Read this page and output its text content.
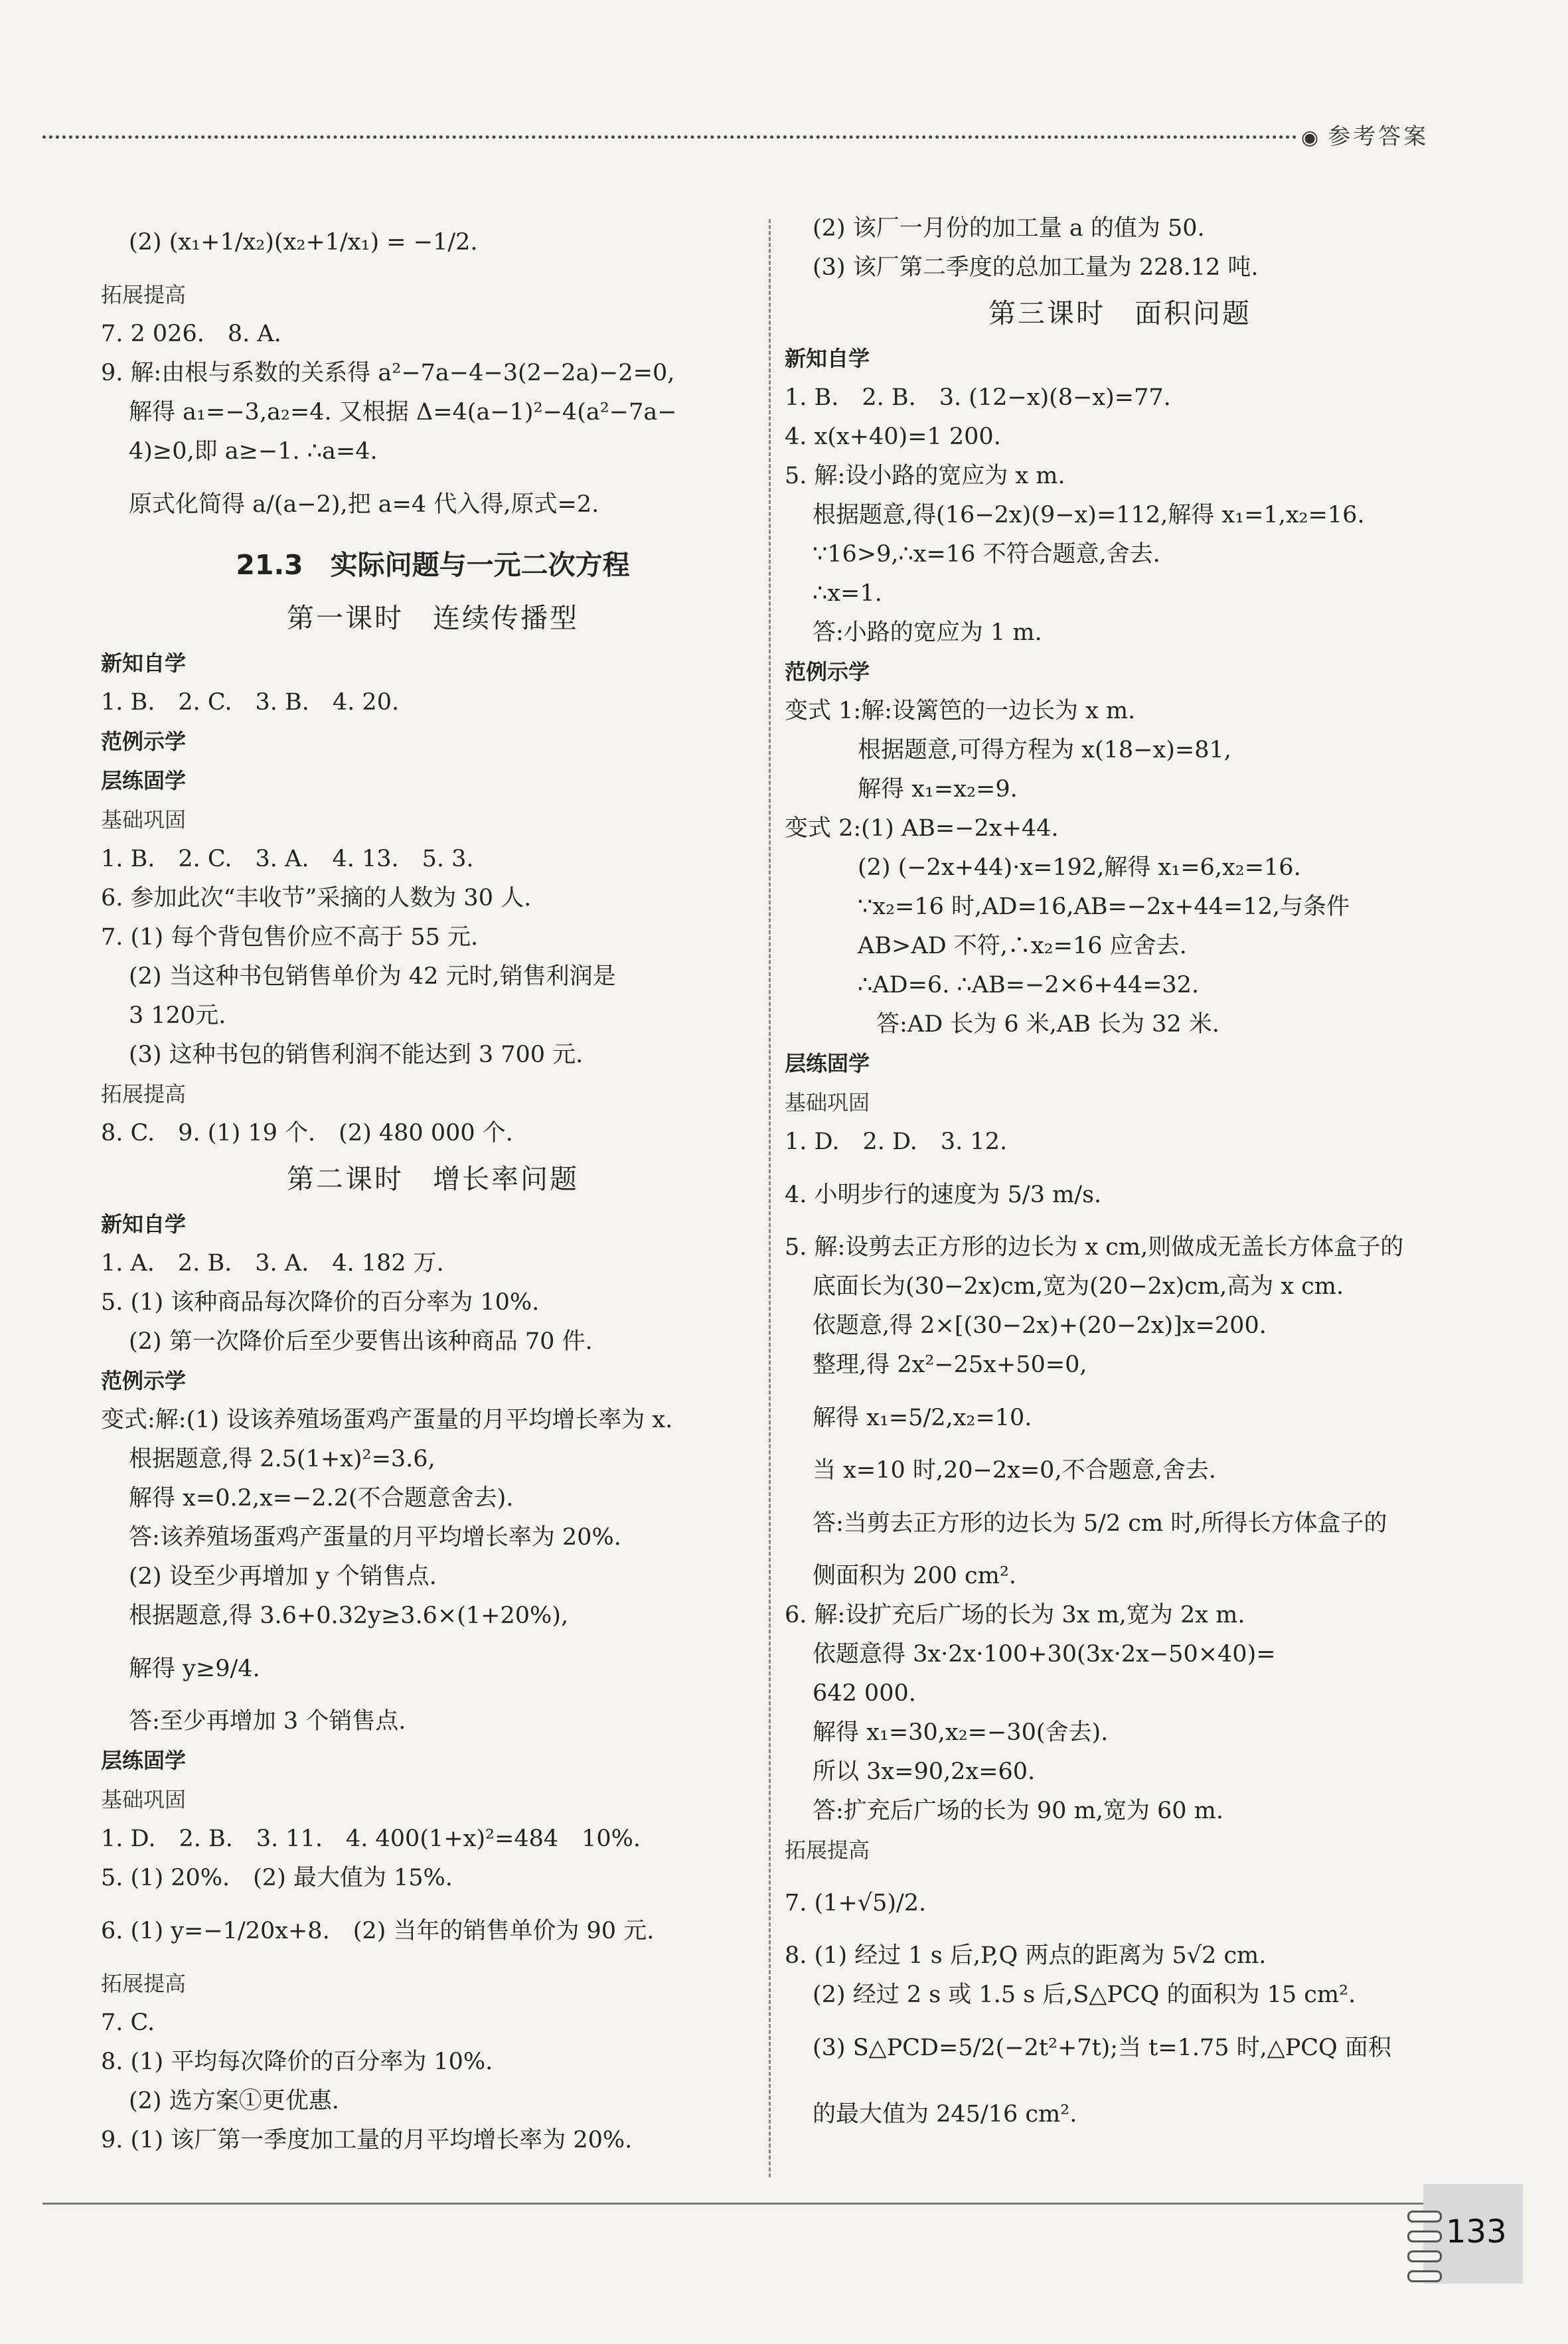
◉ 参考答案
(2) (x₁+1/x₂)(x₂+1/x₁) = −1/2.
拓展提高
7. 2 026.　8. A.
9. 解:由根与系数的关系得 a²−7a−4−3(2−2a)−2=0,
解得 a₁=−3,a₂=4. 又根据 Δ=4(a−1)²−4(a²−7a−
4)≥0,即 a≥−1. ∴a=4.
原式化简得 a/(a−2),把 a=4 代入得,原式=2.
21.3　实际问题与一元二次方程
第一课时　连续传播型
新知自学
1. B.　2. C.　3. B.　4. 20.
范例示学
层练固学
基础巩固
1. B.　2. C.　3. A.　4. 13.　5. 3.
6. 参加此次“丰收节”采摘的人数为 30 人.
7. (1) 每个背包售价应不高于 55 元.
(2) 当这种书包销售单价为 42 元时,销售利润是
3 120元.
(3) 这种书包的销售利润不能达到 3 700 元.
拓展提高
8. C.　9. (1) 19 个.　(2) 480 000 个.
第二课时　增长率问题
新知自学
1. A.　2. B.　3. A.　4. 182 万.
5. (1) 该种商品每次降价的百分率为 10%.
(2) 第一次降价后至少要售出该种商品 70 件.
范例示学
变式:解:(1) 设该养殖场蛋鸡产蛋量的月平均增长率为 x.
根据题意,得 2.5(1+x)²=3.6,
解得 x=0.2,x=−2.2(不合题意舍去).
答:该养殖场蛋鸡产蛋量的月平均增长率为 20%.
(2) 设至少再增加 y 个销售点.
根据题意,得 3.6+0.32y≥3.6×(1+20%),
解得 y≥9/4.
答:至少再增加 3 个销售点.
层练固学
基础巩固
1. D.　2. B.　3. 11.　4. 400(1+x)²=484　10%.
5. (1) 20%.　(2) 最大值为 15%.
6. (1) y=−1/20x+8.　(2) 当年的销售单价为 90 元.
拓展提高
7. C.
8. (1) 平均每次降价的百分率为 10%.
(2) 选方案①更优惠.
9. (1) 该厂第一季度加工量的月平均增长率为 20%.
(2) 该厂一月份的加工量 a 的值为 50.
(3) 该厂第二季度的总加工量为 228.12 吨.
第三课时　面积问题
新知自学
1. B.　2. B.　3. (12−x)(8−x)=77.
4. x(x+40)=1 200.
5. 解:设小路的宽应为 x m.
根据题意,得(16−2x)(9−x)=112,解得 x₁=1,x₂=16.
∵16>9,∴x=16 不符合题意,舍去.
∴x=1.
答:小路的宽应为 1 m.
范例示学
变式 1:解:设篱笆的一边长为 x m.
根据题意,可得方程为 x(18−x)=81,
解得 x₁=x₂=9.
变式 2:(1) AB=−2x+44.
(2) (−2x+44)·x=192,解得 x₁=6,x₂=16.
∵x₂=16 时,AD=16,AB=−2x+44=12,与条件
AB>AD 不符,∴x₂=16 应舍去.
∴AD=6. ∴AB=−2×6+44=32.
答:AD 长为 6 米,AB 长为 32 米.
层练固学
基础巩固
1. D.　2. D.　3. 12.
4. 小明步行的速度为 5/3 m/s.
5. 解:设剪去正方形的边长为 x cm,则做成无盖长方体盒子的
底面长为(30−2x)cm,宽为(20−2x)cm,高为 x cm.
依题意,得 2×[(30−2x)+(20−2x)]x=200.
整理,得 2x²−25x+50=0,
解得 x₁=5/2,x₂=10.
当 x=10 时,20−2x=0,不合题意,舍去.
答:当剪去正方形的边长为 5/2 cm 时,所得长方体盒子的
侧面积为 200 cm².
6. 解:设扩充后广场的长为 3x m,宽为 2x m.
依题意得 3x·2x·100+30(3x·2x−50×40)=
642 000.
解得 x₁=30,x₂=−30(舍去).
所以 3x=90,2x=60.
答:扩充后广场的长为 90 m,宽为 60 m.
拓展提高
7. (1+√5)/2.
8. (1) 经过 1 s 后,P,Q 两点的距离为 5√2 cm.
(2) 经过 2 s 或 1.5 s 后,S△PCQ 的面积为 15 cm².
(3) S△PCD=5/2(−2t²+7t);当 t=1.75 时,△PCQ 面积
的最大值为 245/16 cm².
133
